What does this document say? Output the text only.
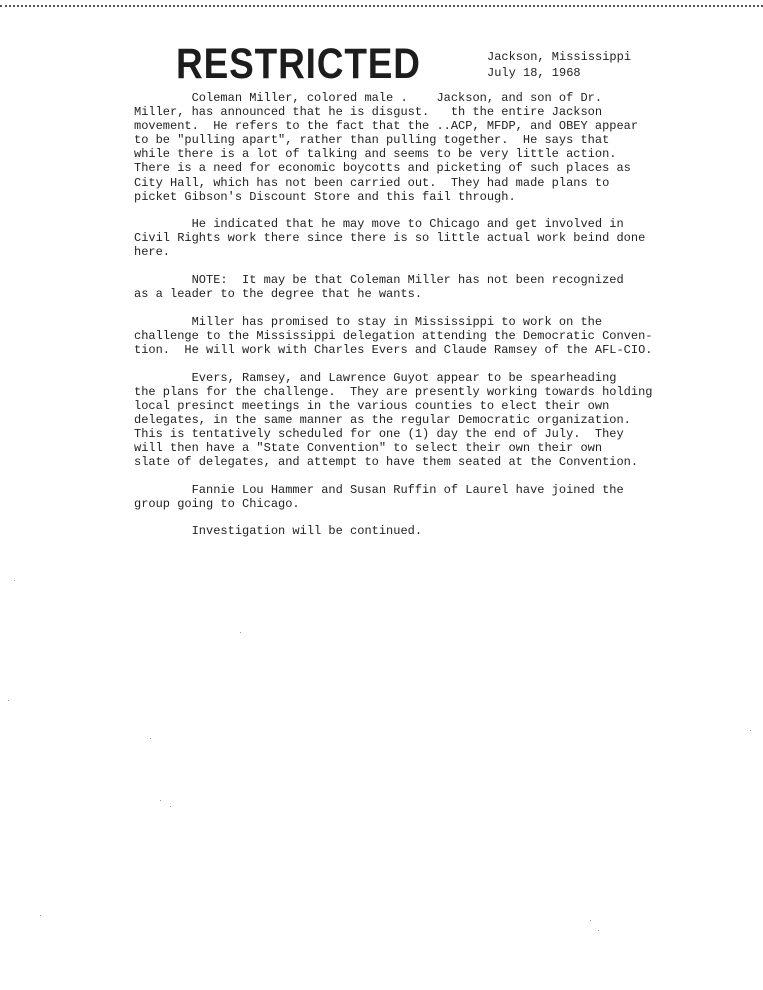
RESTRICTED	Jackson, Mississippi
July 18, 1968

Coleman Miller, colored male .    Jackson, and son of Dr.
Miller, has announced that he is disgust.   th the entire Jackson
movement.  He refers to the fact that the ..ACP, MFDP, and OBEY appear
to be "pulling apart", rather than pulling together.  He says that
while there is a lot of talking and seems to be very little action.
There is a need for economic boycotts and picketing of such places as
City Hall, which has not been carried out.  They had made plans to
picket Gibson's Discount Store and this fail through.

He indicated that he may move to Chicago and get involved in
Civil Rights work there since there is so little actual work beind done
here.

NOTE:  It may be that Coleman Miller has not been recognized
as a leader to the degree that he wants.

Miller has promised to stay in Mississippi to work on the
challenge to the Mississippi delegation attending the Democratic Conven-
tion.  He will work with Charles Evers and Claude Ramsey of the AFL-CIO.

Evers, Ramsey, and Lawrence Guyot appear to be spearheading
the plans for the challenge.  They are presently working towards holding
local presinct meetings in the various counties to elect their own
delegates, in the same manner as the regular Democratic organization.
This is tentatively scheduled for one (1) day the end of July.  They
will then have a "State Convention" to select their own their own
slate of delegates, and attempt to have them seated at the Convention.

Fannie Lou Hammer and Susan Ruffin of Laurel have joined the
group going to Chicago.

Investigation will be continued.
